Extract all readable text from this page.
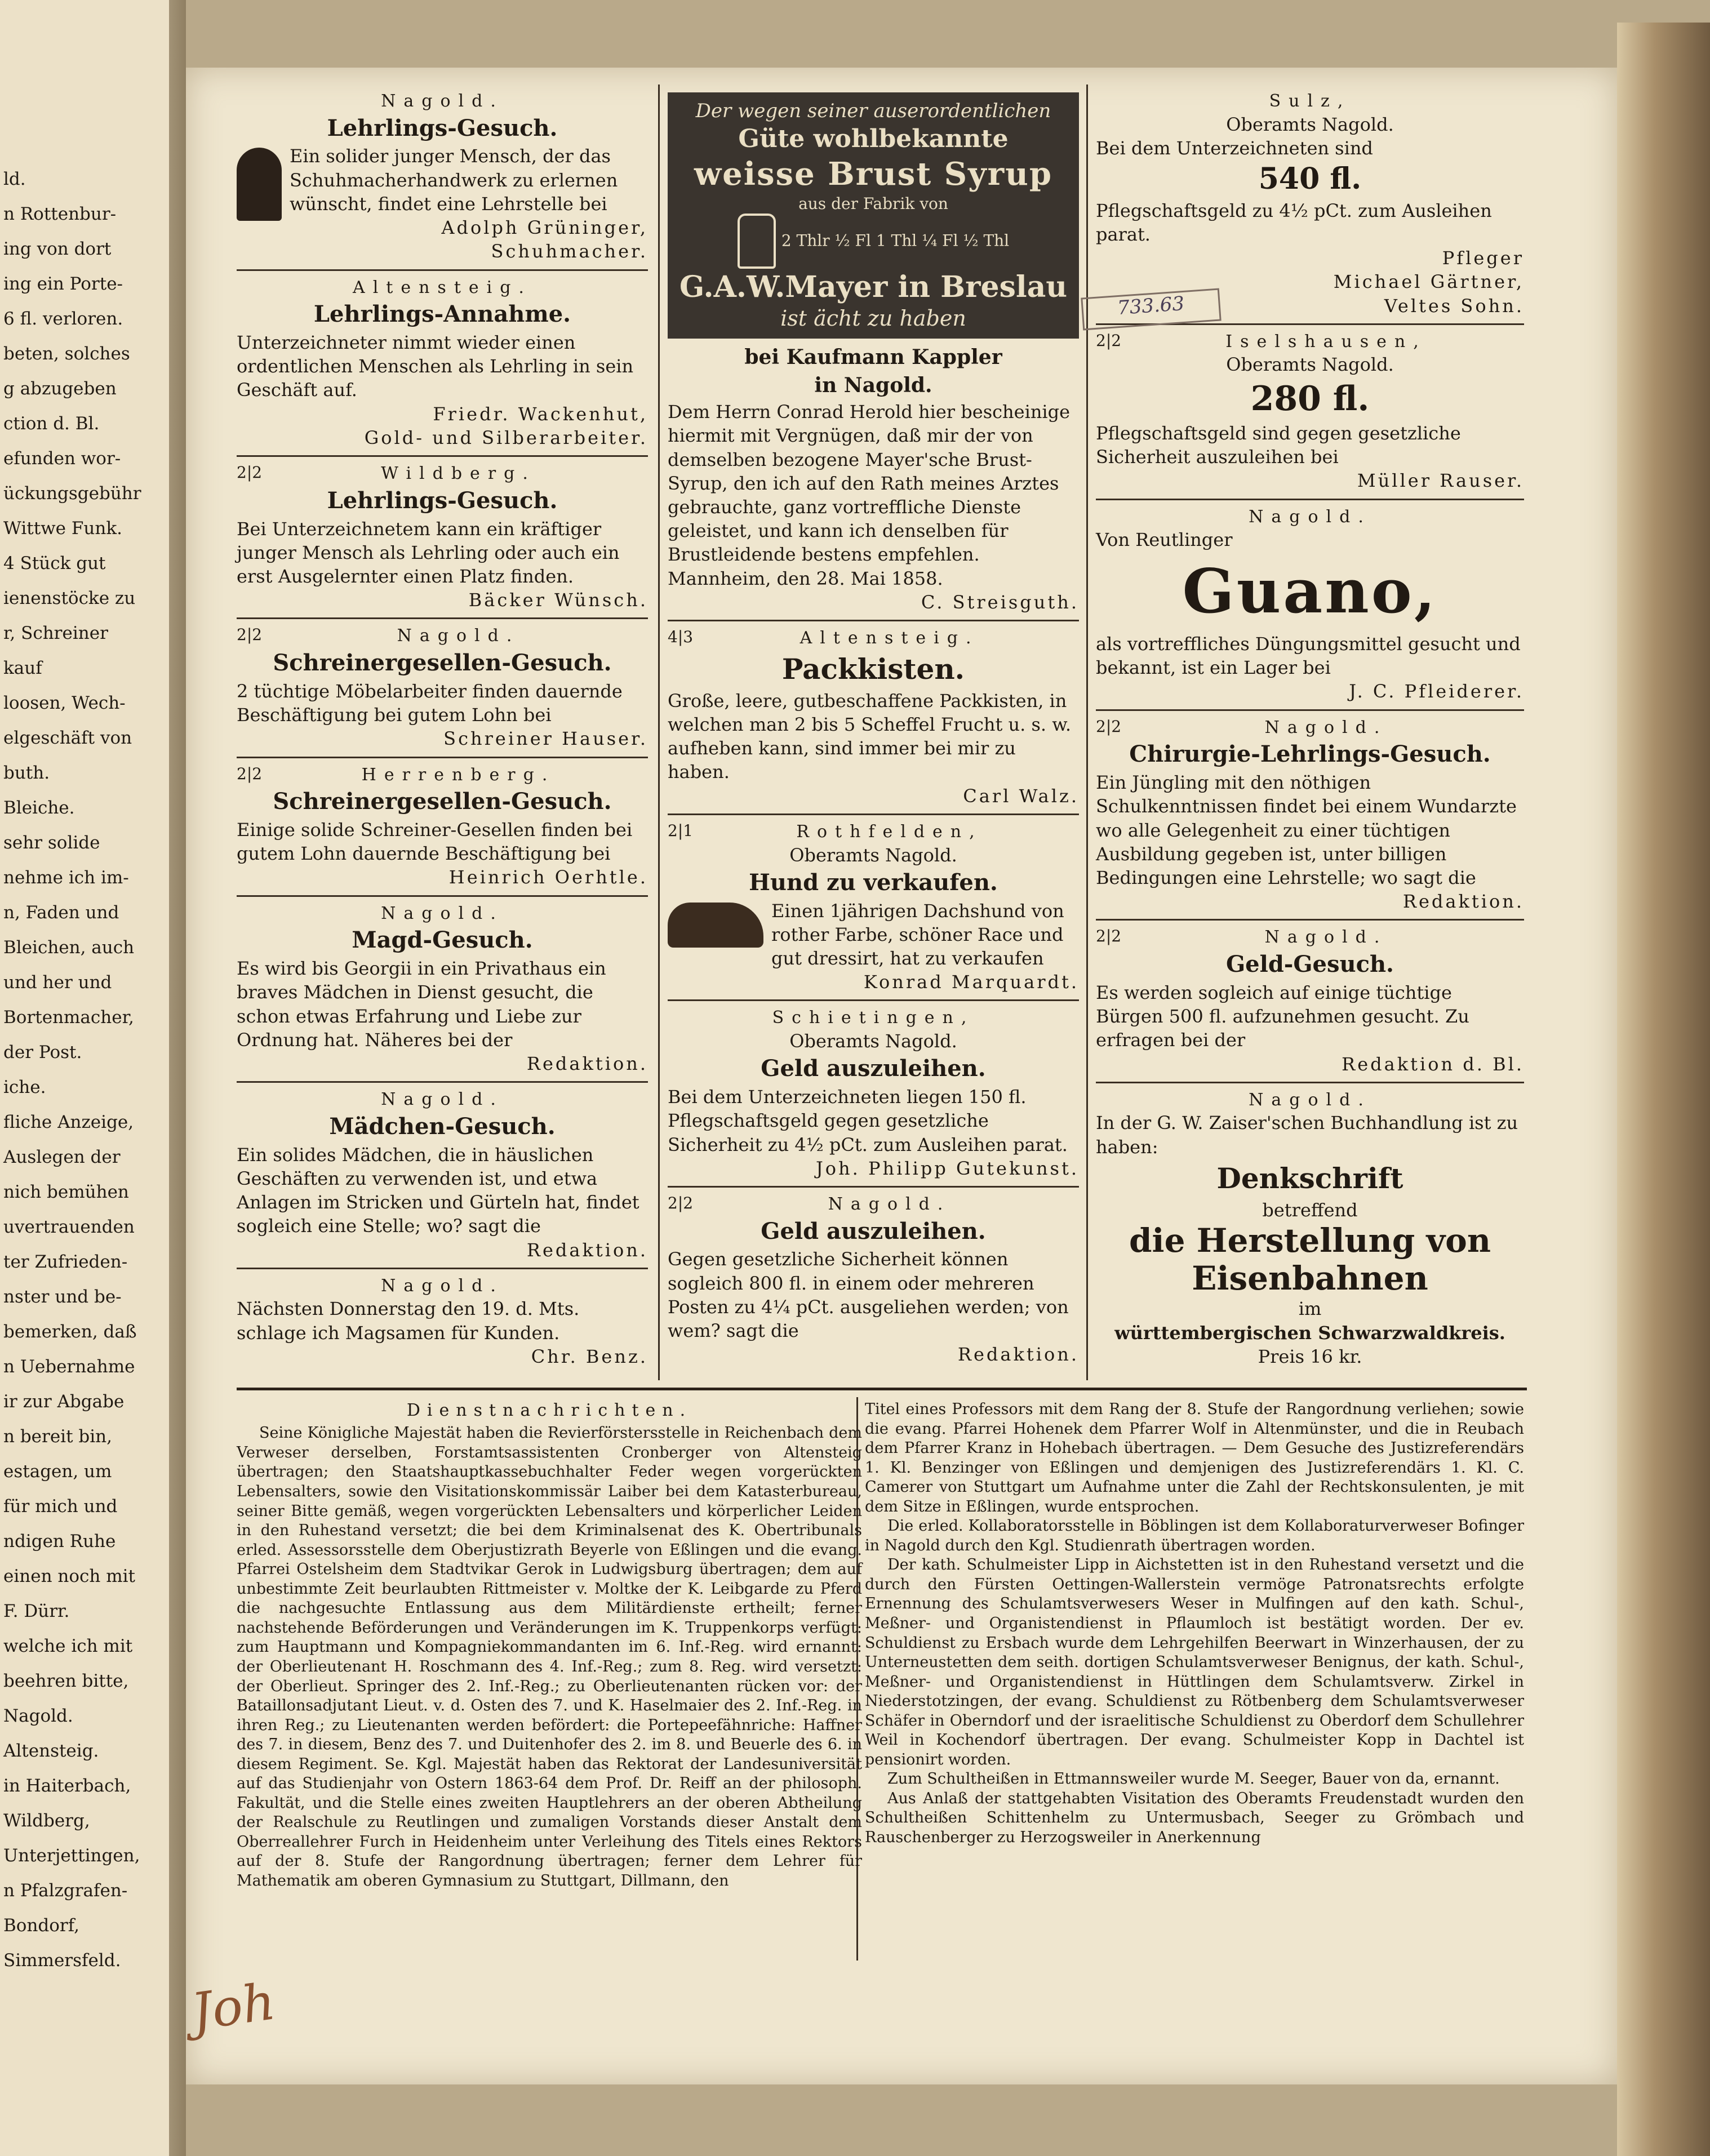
ld.
n Rottenbur-
ing von dort
ing ein Porte-
6 fl. verloren.
beten, solches
g abzugeben
ction d. Bl.
efunden wor-
ückungsgebühr
Wittwe Funk.
4 Stück gut
ienenstöcke zu
r, Schreiner
kauf
loosen, Wech-
elgeschäft von
buth.
Bleiche.
sehr solide
nehme ich im-
n, Faden und
Bleichen, auch
und her und
Bortenmacher,
der Post.
iche.
fliche Anzeige,
Auslegen der
nich bemühen
uvertrauenden
ter Zufrieden-
nster und be-
bemerken, daß
n Uebernahme
ir zur Abgabe
n bereit bin,
estagen, um
für mich und
ndigen Ruhe
einen noch mit
F. Dürr.
welche ich mit
beehren bitte,
Nagold.
Altensteig.
in Haiterbach,
Wildberg,
Unterjettingen,
n Pfalzgrafen-
Bondorf,
Simmersfeld.
Nagold.
Lehrlings-Gesuch.
Ein solider junger Mensch, der das Schuhmacherhandwerk zu erlernen wünscht, findet eine Lehrstelle bei
Adolph Grüninger, Schuhmacher.
Altensteig.
Lehrlings-Annahme.
Unterzeichneter nimmt wieder einen ordentlichen Menschen als Lehrling in sein Geschäft auf.
Friedr. Wackenhut,
Gold- und Silberarbeiter.
2|2	Wildberg.
Lehrlings-Gesuch.
Bei Unterzeichnetem kann ein kräftiger junger Mensch als Lehrling oder auch ein erst Ausgelernter einen Platz finden.
Bäcker Wünsch.
2|2	Nagold.
Schreinergesellen-Gesuch.
2 tüchtige Möbelarbeiter finden dauernde Beschäftigung bei gutem Lohn bei
Schreiner Hauser.
2|2	Herrenberg.
Schreinergesellen-Gesuch.
Einige solide Schreiner-Gesellen finden bei gutem Lohn dauernde Beschäftigung bei
Heinrich Oerhtle.
Nagold.
Magd-Gesuch.
Es wird bis Georgii in ein Privathaus ein braves Mädchen in Dienst gesucht, die schon etwas Erfahrung und Liebe zur Ordnung hat. Näheres bei der
Redaktion.
Nagold.
Mädchen-Gesuch.
Ein solides Mädchen, die in häuslichen Geschäften zu verwenden ist, und etwa Anlagen im Stricken und Gürteln hat, findet sogleich eine Stelle; wo? sagt die
Redaktion.
Nagold.
Nächsten Donnerstag den 19. d. Mts. schlage ich Magsamen für Kunden.
Chr. Benz.
Der wegen seiner auserordentlichen
Güte wohlbekannte
weisse Brust Syrup
aus der Fabrik von
2 Thlr ½ Fl 1 Thl ¼ Fl ½ Thl
G.A.W.Mayer in Breslau
ist ächt zu haben
bei Kaufmann Kappler
in Nagold.
Dem Herrn Conrad Herold hier bescheinige hiermit mit Vergnügen, daß mir der von demselben bezogene Mayer'sche Brust-Syrup, den ich auf den Rath meines Arztes gebrauchte, ganz vortreffliche Dienste geleistet, und kann ich denselben für Brustleidende bestens empfehlen.
Mannheim, den 28. Mai 1858.
C. Streisguth.
4|3	Altensteig.
Packkisten.
Große, leere, gutbeschaffene Packkisten, in welchen man 2 bis 5 Scheffel Frucht u. s. w. aufheben kann, sind immer bei mir zu haben.
Carl Walz.
2|1	Rothfelden,
Oberamts Nagold.
Hund zu verkaufen.
Einen 1jährigen Dachshund von rother Farbe, schöner Race und gut dressirt, hat zu verkaufen
Konrad Marquardt.
Schietingen,
Oberamts Nagold.
Geld auszuleihen.
Bei dem Unterzeichneten liegen 150 fl. Pflegschaftsgeld gegen gesetzliche Sicherheit zu 4½ pCt. zum Ausleihen parat.
Joh. Philipp Gutekunst.
2|2	Nagold.
Geld auszuleihen.
Gegen gesetzliche Sicherheit können sogleich 800 fl. in einem oder mehreren Posten zu 4¼ pCt. ausgeliehen werden; von wem? sagt die
Redaktion.
Sulz,
Oberamts Nagold.
Bei dem Unterzeichneten sind
540 fl.
Pflegschaftsgeld zu 4½ pCt. zum Ausleihen parat.
Pfleger
Michael Gärtner,
Veltes Sohn.
2|2	Iselshausen,
Oberamts Nagold.
280 fl.
Pflegschaftsgeld sind gegen gesetzliche Sicherheit auszuleihen bei
Müller Rauser.
Nagold.
Von Reutlinger
Guano,
als vortreffliches Düngungsmittel gesucht und bekannt, ist ein Lager bei
J. C. Pfleiderer.
2|2	Nagold.
Chirurgie-Lehrlings-Gesuch.
Ein Jüngling mit den nöthigen Schulkenntnissen findet bei einem Wundarzte wo alle Gelegenheit zu einer tüchtigen Ausbildung gegeben ist, unter billigen Bedingungen eine Lehrstelle; wo sagt die
Redaktion.
2|2	Nagold.
Geld-Gesuch.
Es werden sogleich auf einige tüchtige Bürgen 500 fl. aufzunehmen gesucht. Zu erfragen bei der
Redaktion d. Bl.
Nagold.
In der G. W. Zaiser'schen Buchhandlung ist zu haben:
Denkschrift
betreffend
die Herstellung von Eisenbahnen
im
württembergischen Schwarzwaldkreis.
Preis 16 kr.
733.63
Dienstnachrichten.

Seine Königliche Majestät haben die Revierförstersstelle in Reichenbach dem Verweser derselben, Forstamtsassistenten Cronberger von Altensteig übertragen; den Staatshauptkassebuchhalter Feder wegen vorgerückten Lebensalters, sowie den Visitationskommissär Laiber bei dem Katasterbureau, seiner Bitte gemäß, wegen vorgerückten Lebensalters und körperlicher Leiden in den Ruhestand versetzt; die bei dem Kriminalsenat des K. Obertribunals erled. Assessorsstelle dem Oberjustizrath Beyerle von Eßlingen und die evang. Pfarrei Ostelsheim dem Stadtvikar Gerok in Ludwigsburg übertragen; dem auf unbestimmte Zeit beurlaubten Rittmeister v. Moltke der K. Leibgarde zu Pferd die nachgesuchte Entlassung aus dem Militärdienste ertheilt; ferner nachstehende Beförderungen und Veränderungen im K. Truppenkorps verfügt: zum Hauptmann und Kompagniekommandanten im 6. Inf.-Reg. wird ernannt: der Oberlieutenant H. Roschmann des 4. Inf.-Reg.; zum 8. Reg. wird versetzt: der Oberlieut. Springer des 2. Inf.-Reg.; zu Oberlieutenanten rücken vor: der Bataillonsadjutant Lieut. v. d. Osten des 7. und K. Haselmaier des 2. Inf.-Reg. in ihren Reg.; zu Lieutenanten werden befördert: die Portepeefähnriche: Haffner des 7. in diesem, Benz des 7. und Duitenhofer des 2. im 8. und Beuerle des 6. in diesem Regiment. Se. Kgl. Majestät haben das Rektorat der Landesuniversität auf das Studienjahr von Ostern 1863-64 dem Prof. Dr. Reiff an der philosoph. Fakultät, und die Stelle eines zweiten Hauptlehrers an der oberen Abtheilung der Realschule zu Reutlingen und zumaligen Vorstands dieser Anstalt dem Oberreallehrer Furch in Heidenheim unter Verleihung des Titels eines Rektors auf der 8. Stufe der Rangordnung übertragen; ferner dem Lehrer für Mathematik am oberen Gymnasium zu Stuttgart, Dillmann, den

Titel eines Professors mit dem Rang der 8. Stufe der Rangordnung verliehen; sowie die evang. Pfarrei Hohenek dem Pfarrer Wolf in Altenmünster, und die in Reubach dem Pfarrer Kranz in Hohebach übertragen. — Dem Gesuche des Justizreferendärs 1. Kl. Benzinger von Eßlingen und demjenigen des Justizreferendärs 1. Kl. C. Camerer von Stuttgart um Aufnahme unter die Zahl der Rechtskonsulenten, je mit dem Sitze in Eßlingen, wurde entsprochen.

Die erled. Kollaboratorsstelle in Böblingen ist dem Kollaboraturverweser Bofinger in Nagold durch den Kgl. Studienrath übertragen worden.

Der kath. Schulmeister Lipp in Aichstetten ist in den Ruhestand versetzt und die durch den Fürsten Oettingen-Wallerstein vermöge Patronatsrechts erfolgte Ernennung des Schulamtsverwesers Weser in Mulfingen auf den kath. Schul-, Meßner- und Organistendienst in Pflaumloch ist bestätigt worden. Der ev. Schuldienst zu Ersbach wurde dem Lehrgehilfen Beerwart in Winzerhausen, der zu Unterneustetten dem seith. dortigen Schulamtsverweser Benignus, der kath. Schul-, Meßner- und Organistendienst in Hüttlingen dem Schulamtsverw. Zirkel in Niederstotzingen, der evang. Schuldienst zu Rötbenberg dem Schulamtsverweser Schäfer in Oberndorf und der israelitische Schuldienst zu Oberdorf dem Schullehrer Weil in Kochendorf übertragen. Der evang. Schulmeister Kopp in Dachtel ist pensionirt worden.

Zum Schultheißen in Ettmannsweiler wurde M. Seeger, Bauer von da, ernannt.

Aus Anlaß der stattgehabten Visitation des Oberamts Freudenstadt wurden den Schultheißen Schittenhelm zu Untermusbach, Seeger zu Grömbach und Rauschenberger zu Herzogsweiler in Anerkennung

Joh
